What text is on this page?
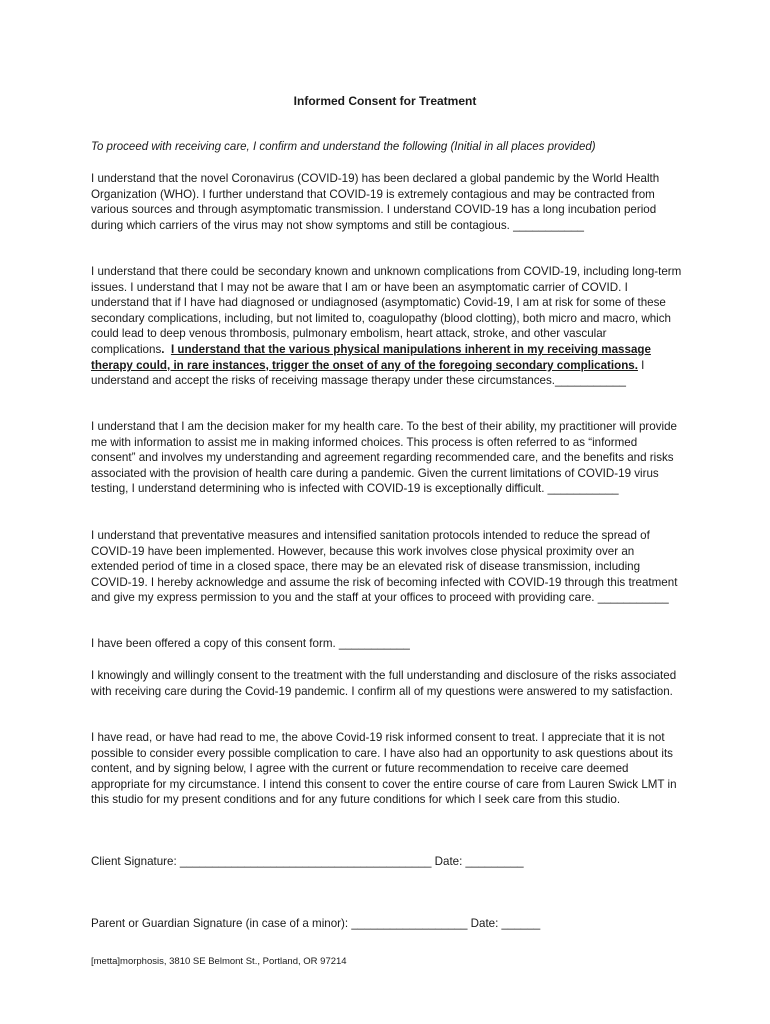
Informed Consent for Treatment
To proceed with receiving care, I confirm and understand the following (Initial in all places provided)

I understand that the novel Coronavirus (COVID-19) has been declared a global pandemic by the World Health Organization (WHO). I further understand that COVID-19 is extremely contagious and may be contracted from various sources and through asymptomatic transmission. I understand COVID-19 has a long incubation period during which carriers of the virus may not show symptoms and still be contagious. ___________

I understand that there could be secondary known and unknown complications from COVID-19, including long-term issues. I understand that I may not be aware that I am or have been an asymptomatic carrier of COVID. I understand that if I have had diagnosed or undiagnosed (asymptomatic) Covid-19, I am at risk for some of these secondary complications, including, but not limited to, coagulopathy (blood clotting), both micro and macro, which could lead to deep venous thrombosis, pulmonary embolism, heart attack, stroke, and other vascular complications. I understand that the various physical manipulations inherent in my receiving massage therapy could, in rare instances, trigger the onset of any of the foregoing secondary complications. I understand and accept the risks of receiving massage therapy under these circumstances.___________

I understand that I am the decision maker for my health care. To the best of their ability, my practitioner will provide me with information to assist me in making informed choices. This process is often referred to as “informed consent” and involves my understanding and agreement regarding recommended care, and the benefits and risks associated with the provision of health care during a pandemic. Given the current limitations of COVID-19 virus testing, I understand determining who is infected with COVID-19 is exceptionally difficult. ___________

I understand that preventative measures and intensified sanitation protocols intended to reduce the spread of COVID-19 have been implemented. However, because this work involves close physical proximity over an extended period of time in a closed space, there may be an elevated risk of disease transmission, including COVID-19. I hereby acknowledge and assume the risk of becoming infected with COVID-19 through this treatment and give my express permission to you and the staff at your offices to proceed with providing care. ___________

I have been offered a copy of this consent form. ___________

I knowingly and willingly consent to the treatment with the full understanding and disclosure of the risks associated with receiving care during the Covid-19 pandemic. I confirm all of my questions were answered to my satisfaction.

I have read, or have had read to me, the above Covid-19 risk informed consent to treat. I appreciate that it is not possible to consider every possible complication to care. I have also had an opportunity to ask questions about its content, and by signing below, I agree with the current or future recommendation to receive care deemed appropriate for my circumstance. I intend this consent to cover the entire course of care from Lauren Swick LMT in this studio for my present conditions and for any future conditions for which I seek care from this studio.

Client Signature: _______________________________________ Date: _________
Parent or Guardian Signature (in case of a minor): __________________ Date: ______
[metta]morphosis, 3810 SE Belmont St., Portland, OR 97214
